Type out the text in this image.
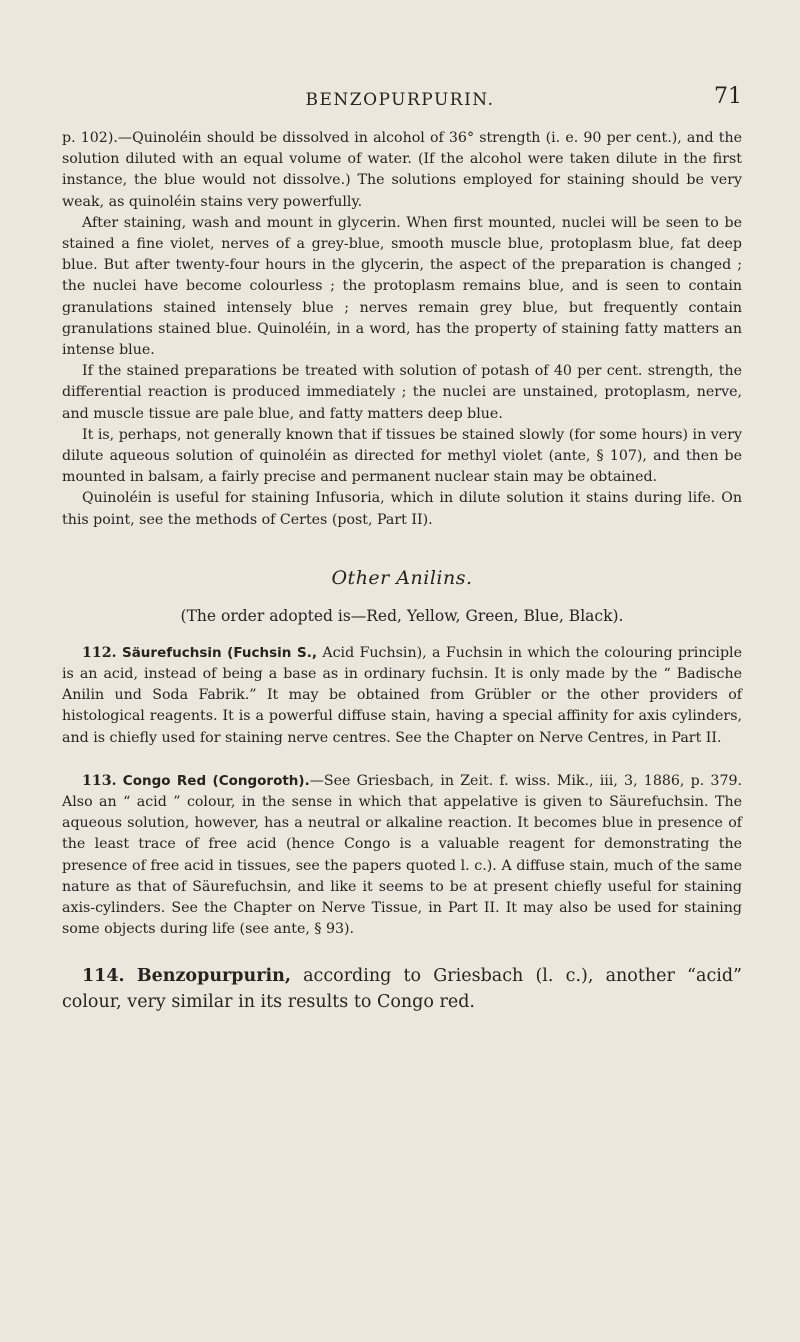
BENZOPURPURIN.	71

p. 102).—Quinoléin should be dissolved in alcohol of 36° strength (i. e. 90 per cent.), and the solution diluted with an equal volume of water. (If the alcohol were taken dilute in the first instance, the blue would not dissolve.) The solutions employed for staining should be very weak, as quinoléin stains very powerfully.

After staining, wash and mount in glycerin. When first mounted, nuclei will be seen to be stained a fine violet, nerves of a grey-blue, smooth muscle blue, protoplasm blue, fat deep blue. But after twenty-four hours in the glycerin, the aspect of the preparation is changed ; the nuclei have become colourless ; the protoplasm remains blue, and is seen to contain granulations stained intensely blue ; nerves remain grey blue, but frequently contain granulations stained blue. Quinoléin, in a word, has the property of staining fatty matters an intense blue.

If the stained preparations be treated with solution of potash of 40 per cent. strength, the differential reaction is produced immediately ; the nuclei are unstained, protoplasm, nerve, and muscle tissue are pale blue, and fatty matters deep blue.

It is, perhaps, not generally known that if tissues be stained slowly (for some hours) in very dilute aqueous solution of quinoléin as directed for methyl violet (ante, § 107), and then be mounted in balsam, a fairly precise and permanent nuclear stain may be obtained.

Quinoléin is useful for staining Infusoria, which in dilute solution it stains during life. On this point, see the methods of Certes (post, Part II).

Other Anilins.
(The order adopted is—Red, Yellow, Green, Blue, Black).

112. Säurefuchsin (Fuchsin S., Acid Fuchsin), a Fuchsin in which the colouring principle is an acid, instead of being a base as in ordinary fuchsin. It is only made by the “ Badische Anilin und Soda Fabrik.” It may be obtained from Grübler or the other providers of histological reagents. It is a powerful diffuse stain, having a special affinity for axis cylinders, and is chiefly used for staining nerve centres. See the Chapter on Nerve Centres, in Part II.

113. Congo Red (Congoroth).—See Griesbach, in Zeit. f. wiss. Mik., iii, 3, 1886, p. 379. Also an “ acid ” colour, in the sense in which that appelative is given to Säurefuchsin. The aqueous solution, however, has a neutral or alkaline reaction. It becomes blue in presence of the least trace of free acid (hence Congo is a valuable reagent for demonstrating the presence of free acid in tissues, see the papers quoted l. c.). A diffuse stain, much of the same nature as that of Säurefuchsin, and like it seems to be at present chiefly useful for staining axis-cylinders. See the Chapter on Nerve Tissue, in Part II. It may also be used for staining some objects during life (see ante, § 93).

114. Benzopurpurin, according to Griesbach (l. c.), another “acid” colour, very similar in its results to Congo red.
